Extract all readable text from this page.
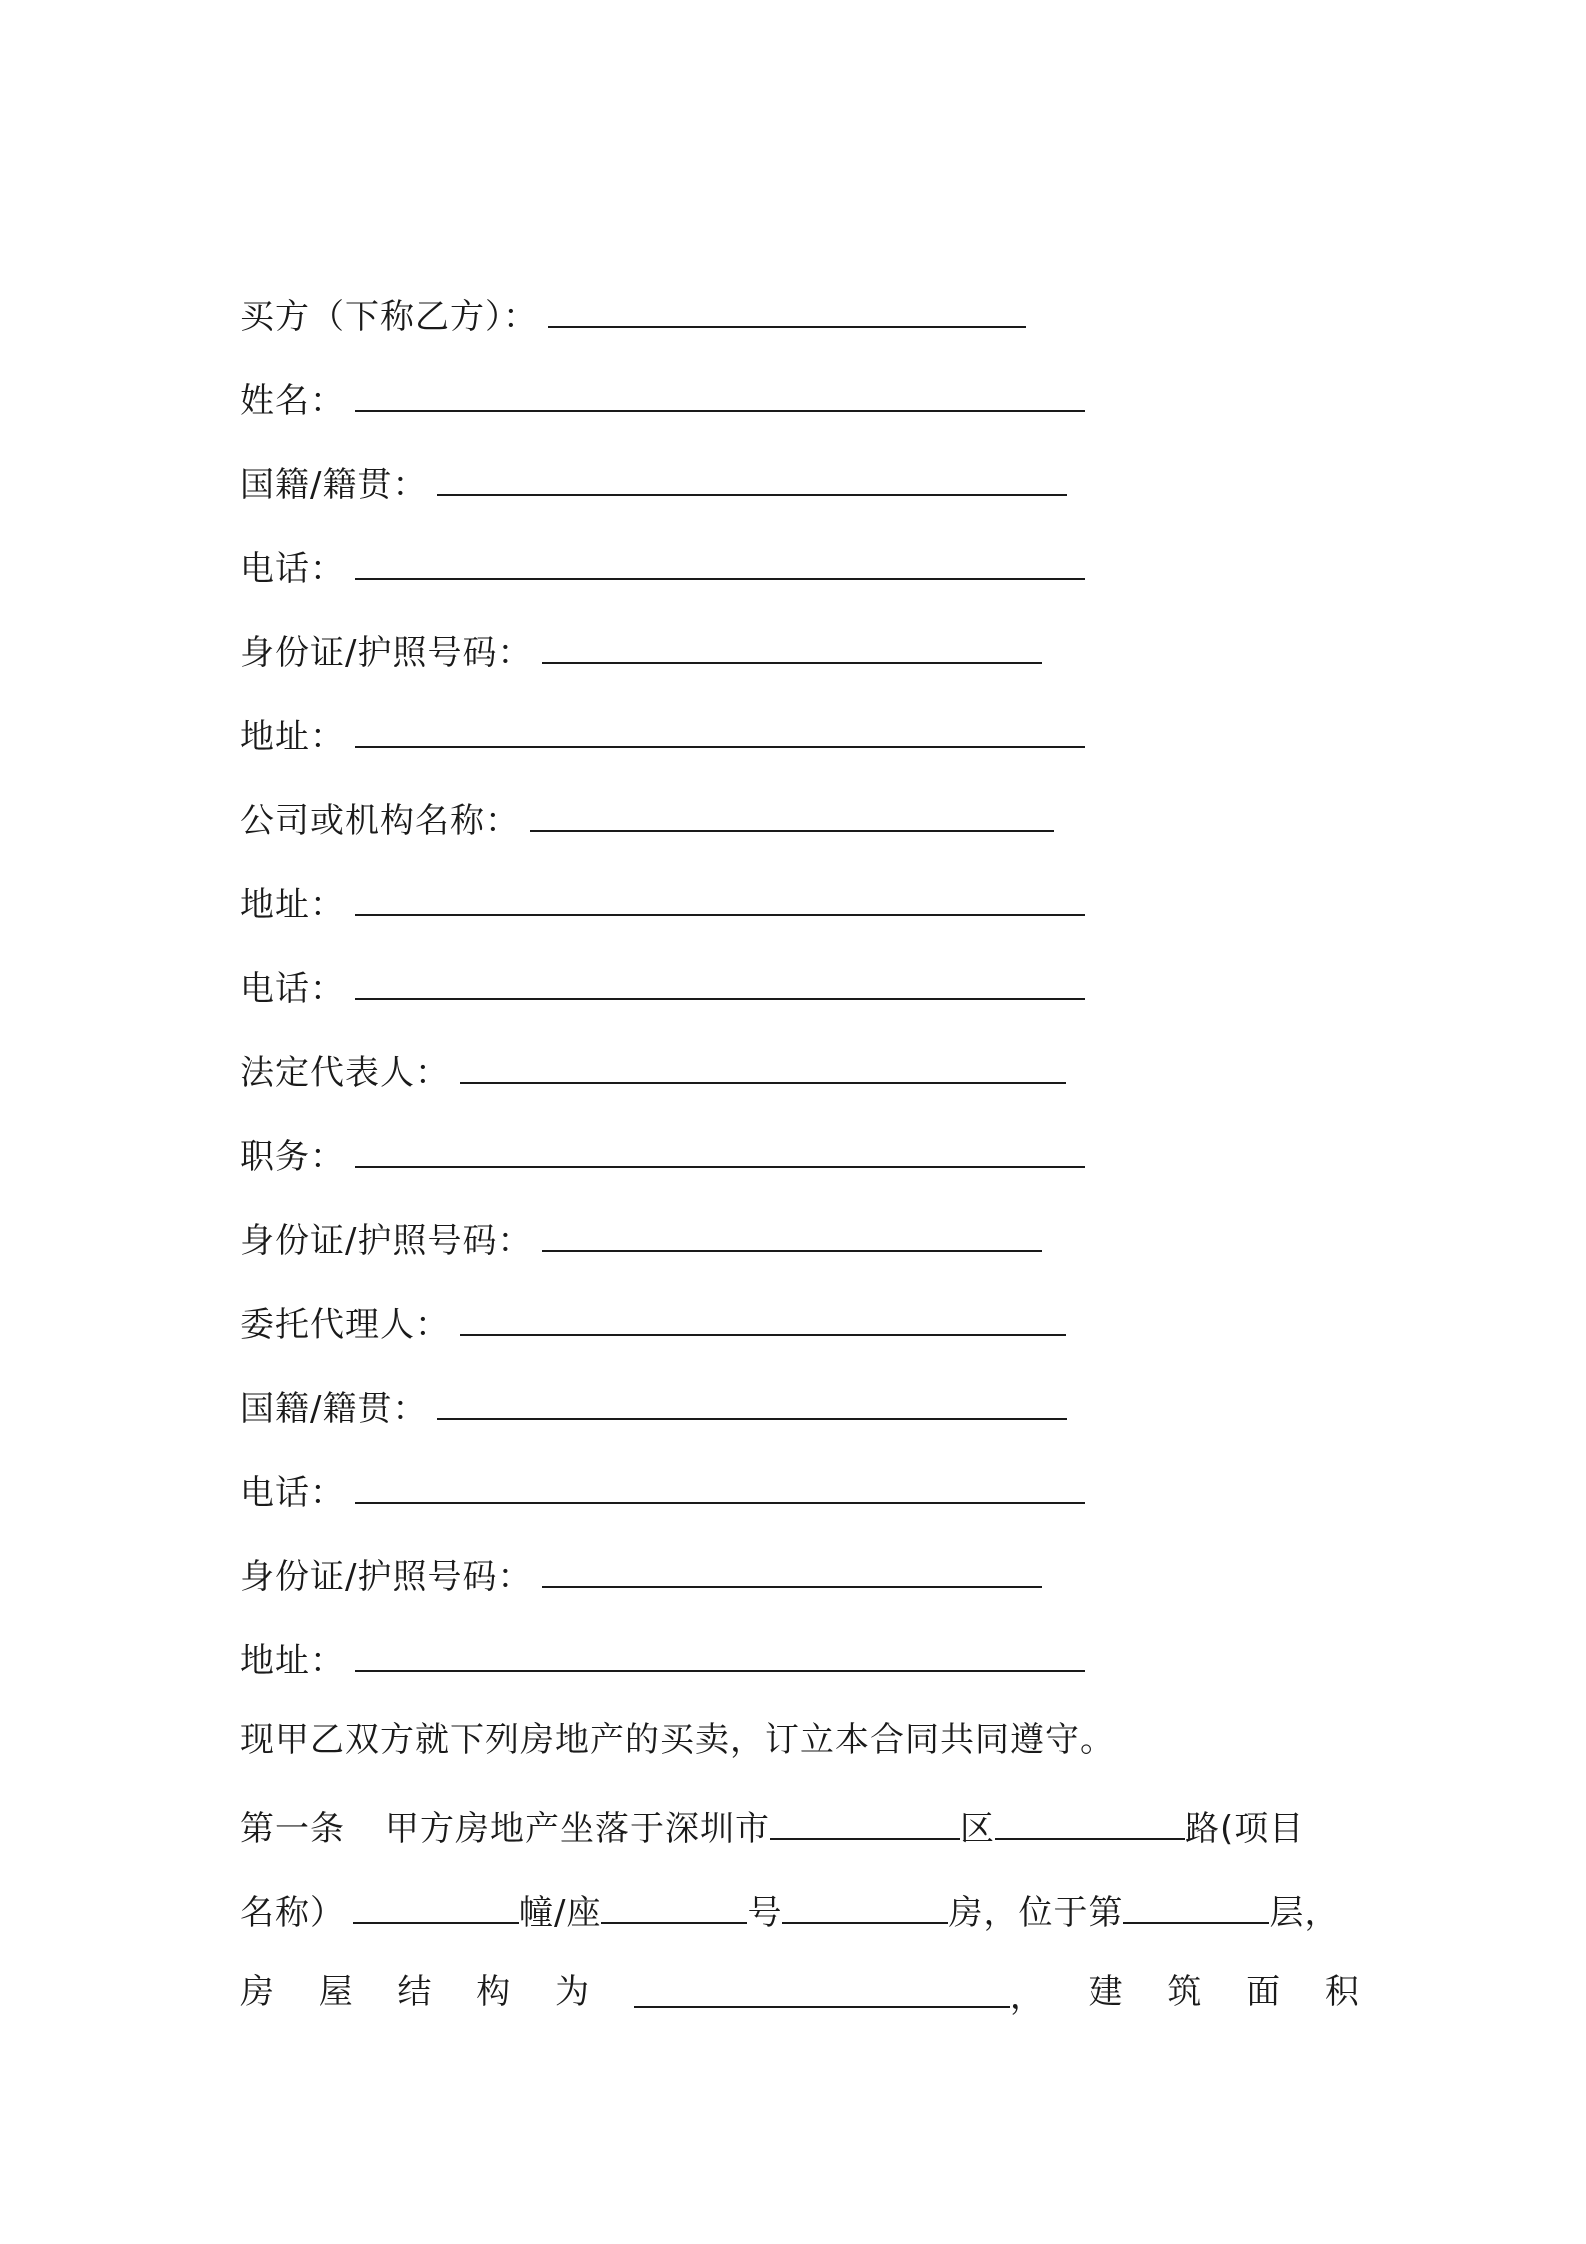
买方（下称乙方）：
姓名：
国籍/籍贯：
电话：
身份证/护照号码：
地址：
公司或机构名称：
地址：
电话：
法定代表人：
职务：
身份证/护照号码：
委托代理人：
国籍/籍贯：
电话：
身份证/护照号码：
地址：
现甲乙双方就下列房地产的买卖，订立本合同共同遵守。
第一条 甲方房地产坐落于深圳市	区	路(项目
名称）	幢/座	号	房，位于第	层，
房 屋 结 构 为	， 建 筑 面 积
